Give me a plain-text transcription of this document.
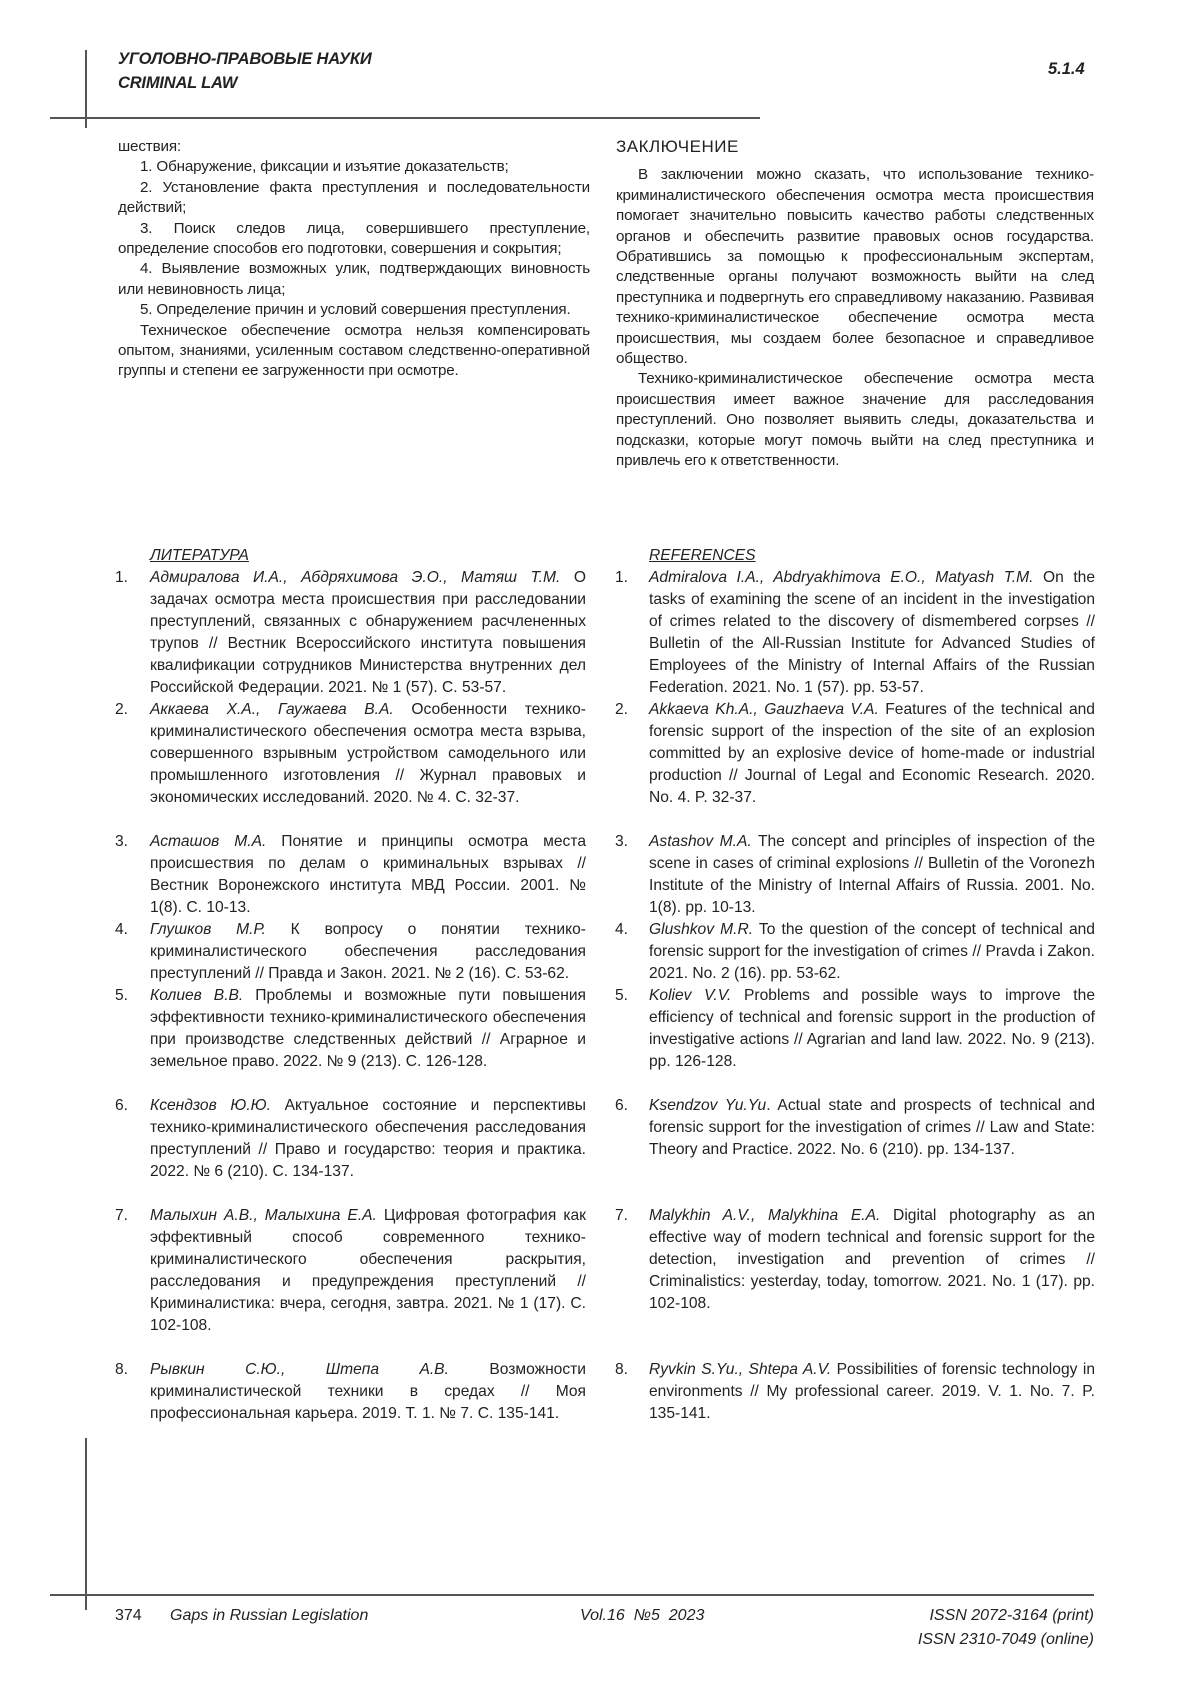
УГОЛОВНО-ПРАВОВЫЕ НАУКИ
CRIMINAL LAW
5.1.4

шествия:

1. Обнаружение, фиксации и изъятие доказательств;

2. Установление факта преступления и последовательности действий;

3. Поиск следов лица, совершившего преступление, определение способов его подготовки, совершения и сокрытия;

4. Выявление возможных улик, подтверждающих виновность или невиновность лица;

5. Определение причин и условий совершения преступления.

Техническое обеспечение осмотра нельзя компенсировать опытом, знаниями, усиленным составом следственно-оперативной группы и степени ее загруженности при осмотре.

ЗАКЛЮЧЕНИЕ

В заключении можно сказать, что использование технико-криминалистического обеспечения осмотра места происшествия помогает значительно повысить качество работы следственных органов и обеспечить развитие правовых основ государства. Обратившись за помощью к профессиональным экспертам, следственные органы получают возможность выйти на след преступника и подвергнуть его справедливому наказанию. Развивая технико-криминалистическое обеспечение осмотра места происшествия, мы создаем более безопасное и справедливое общество.

Технико-криминалистическое обеспечение осмотра места происшествия имеет важное значение для расследования преступлений. Оно позволяет выявить следы, доказательства и подсказки, которые могут помочь выйти на след преступника и привлечь его к ответственности.

ЛИТЕРАТУРА	REFERENCES
1.	Адмиралова И.А., Абдряхимова Э.О., Матяш Т.М. О задачах осмотра места происшествия при расследовании преступлений, связанных с обнаружением расчлененных трупов // Вестник Всероссийского института повышения квалификации сотрудников Министерства внутренних дел Российской Федерации. 2021. № 1 (57). С. 53-57.
1.	Admiralova I.A., Abdryakhimova E.O., Matyash T.M. On the tasks of examining the scene of an incident in the investigation of crimes related to the discovery of dismembered corpses // Bulletin of the All-Russian Institute for Advanced Studies of Employees of the Ministry of Internal Affairs of the Russian Federation. 2021. No. 1 (57). pp. 53-57.
2.	Аккаева Х.А., Гаужаева В.А. Особенности технико-криминалистического обеспечения осмотра места взрыва, совершенного взрывным устройством самодельного или промышленного изготовления // Журнал правовых и экономических исследований. 2020. № 4. С. 32-37.
2.	Akkaeva Kh.A., Gauzhaeva V.A. Features of the technical and forensic support of the inspection of the site of an explosion committed by an explosive device of home-made or industrial production // Journal of Legal and Economic Research. 2020. No. 4. P. 32-37.
3.	Асташов М.А. Понятие и принципы осмотра места происшествия по делам о криминальных взрывах // Вестник Воронежского института МВД России. 2001. № 1(8). С. 10-13.
3.	Astashov M.A. The concept and principles of inspection of the scene in cases of criminal explosions // Bulletin of the Voronezh Institute of the Ministry of Internal Affairs of Russia. 2001. No. 1(8). pp. 10-13.
4.	Глушков М.Р. К вопросу о понятии технико-криминалистического обеспечения расследования преступлений // Правда и Закон. 2021. № 2 (16). С. 53-62.
4.	Glushkov M.R. To the question of the concept of technical and forensic support for the investigation of crimes // Pravda i Zakon. 2021. No. 2 (16). pp. 53-62.
5.	Колиев В.В. Проблемы и возможные пути повышения эффективности технико-криминалистического обеспечения при производстве следственных действий // Аграрное и земельное право. 2022. № 9 (213). С. 126-128.
5.	Koliev V.V. Problems and possible ways to improve the efficiency of technical and forensic support in the production of investigative actions // Agrarian and land law. 2022. No. 9 (213). pp. 126-128.
6.	Ксендзов Ю.Ю. Актуальное состояние и перспективы технико-криминалистического обеспечения расследования преступлений // Право и государство: теория и практика. 2022. № 6 (210). С. 134-137.
6.	Ksendzov Yu.Yu. Actual state and prospects of technical and forensic support for the investigation of crimes // Law and State: Theory and Practice. 2022. No. 6 (210). pp. 134-137.
7.	Малыхин А.В., Малыхина Е.А. Цифровая фотография как эффективный способ современного технико-криминалистического обеспечения раскрытия, расследования и предупреждения преступлений // Криминалистика: вчера, сегодня, завтра. 2021. № 1 (17). С. 102-108.
7.	Malykhin A.V., Malykhina E.A. Digital photography as an effective way of modern technical and forensic support for the detection, investigation and prevention of crimes // Criminalistics: yesterday, today, tomorrow. 2021. No. 1 (17). pp. 102-108.
8.	Рывкин С.Ю., Штепа А.В. Возможности криминалистической техники в средах // Моя профессиональная карьера. 2019. Т. 1. № 7. С. 135-141.
8.	Ryvkin S.Yu., Shtepa A.V. Possibilities of forensic technology in environments // My professional career. 2019. V. 1. No. 7. P. 135-141.
374 Gaps in Russian Legislation	Vol.16  №5  2023	ISSN 2072-3164 (print)
ISSN 2310-7049 (online)
